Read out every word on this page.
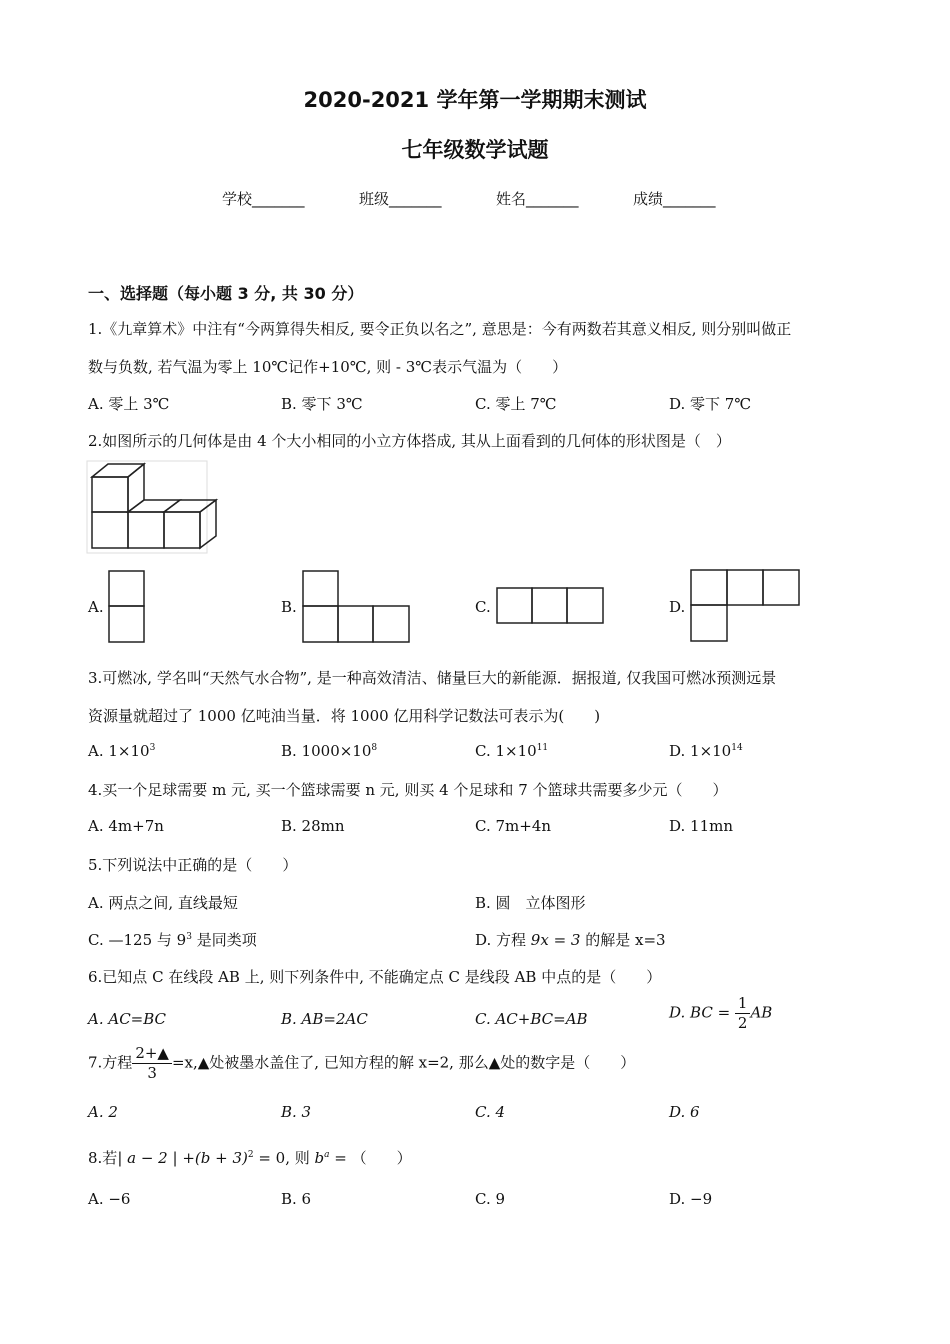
2020-2021 学年第一学期期末测试
七年级数学试题
学校_______	班级_______	姓名_______	成绩_______
一、选择题（每小题 3 分, 共 30 分）
1.《九章算术》中注有“今两算得失相反, 要令正负以名之”, 意思是：今有两数若其意义相反, 则分别叫做正
数与负数, 若气温为零上 10℃记作+10℃, 则 - 3℃表示气温为（　　）
A. 零上 3℃	B. 零下 3℃	C. 零上 7℃	D. 零下 7℃
2.如图所示的几何体是由 4 个大小相同的小立方体搭成, 其从上面看到的几何体的形状图是（　）
A.	B.	C.	D.
3.可燃冰, 学名叫“天然气水合物”, 是一种高效清洁、储量巨大的新能源．据报道, 仅我国可燃冰预测远景
资源量就超过了 1000 亿吨油当量．将 1000 亿用科学记数法可表示为(　　)
A. $1\times 10^3$	B. $1000\times 10^8$	C. $1\times 10^{11}$	D. $1\times 10^{14}$
4.买一个足球需要 m 元, 买一个篮球需要 n 元, 则买 4 个足球和 7 个篮球共需要多少元（　　）
A. 4m+7n	B. 28mn	C. 7m+4n	D. 11mn
5.下列说法中正确的是（　　）
A. 两点之间, 直线最短	B. 圆　立体图形
C. —125 与 $9^3$ 是同类项	D. 方程 9x = 3 的解是 x=3
6.已知点 C 在线段 AB 上, 则下列条件中, 不能确定点 C 是线段 AB 中点的是（　　）
A. AC=BC	B. AB=2AC	C. AC+BC=AB	D. BC = $\frac{1}{2}$ AB
7.方程 $\frac{2+▲}{3}$ =x,▲处被墨水盖住了, 已知方程的解 x=2, 那么▲处的数字是（　　）
A. 2	B. 3	C. 4	D. 6
8.若| a − 2 | $+(b + 3)^2 = 0$, 则 $b^a$ = （　　）
A. −6	B. 6	C. 9	D. −9
